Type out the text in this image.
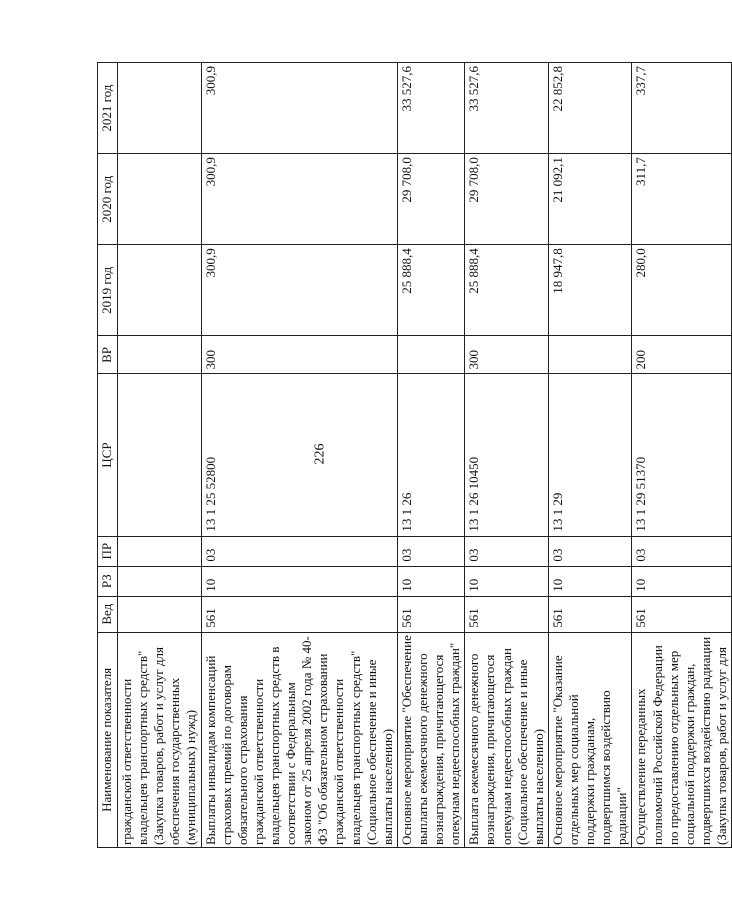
226
Наименование показателя	Вед	РЗ	ПР	ЦСР	ВР	2019 год	2020 год	2021 год
гражданской ответственности владельцев транспортных средств" (Закупка товаров, работ и услуг для обеспечения государственных (муниципальных) нужд)								
Выплаты инвалидам компенсаций страховых премий по договорам обязательного страхования гражданской ответственности владельцев транспортных средств в соответствии с Федеральным законом от 25 апреля 2002 года № 40-ФЗ "Об обязательном страховании гражданской ответственности владельцев транспортных средств" (Социальное обеспечение и иные выплаты населению)	561	10	03	13 1 25 52800	300	300,9	300,9	300,9
Основное мероприятие "Обеспечение выплаты ежемесячного денежного вознаграждения, причитающегося опекунам недееспособных граждан"	561	10	03	13 1 26		25 888,4	29 708,0	33 527,6
Выплата ежемесячного денежного вознаграждения, причитающегося опекунам недееспособных граждан (Социальное обеспечение и иные выплаты населению)	561	10	03	13 1 26 10450	300	25 888,4	29 708,0	33 527,6
Основное мероприятие "Оказание отдельных мер социальной поддержки гражданам, подвергшимся воздействию радиации"	561	10	03	13 1 29		18 947,8	21 092,1	22 852,8
Осуществление переданных полномочий Российской Федерации по предоставлению отдельных мер социальной поддержки граждан, подвергшихся воздействию радиации (Закупка товаров, работ и услуг для	561	10	03	13 1 29 51370	200	280,0	311,7	337,7
